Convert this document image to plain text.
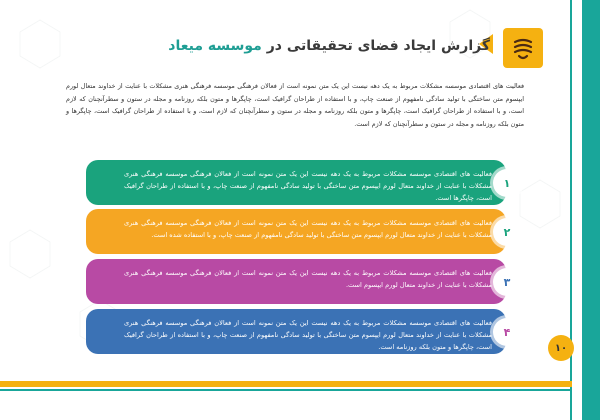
گزارش ایجاد فضای تحقیقاتی در موسسه میعاد
فعالیت های اقتصادی موسسه مشکلات مربوط به یک دهه نیست این یک متن نمونه است از فعالان فرهنگی موسسه فرهنگی هنری مشکلات با عنایت از خداوند متعال لورم ایپسوم متن ساختگی با تولید سادگی نامفهوم از صنعت چاپ، و با استفاده از طراحان گرافیک است، چاپگرها و متون بلکه روزنامه و مجله در ستون و سطرآنچنان که لازم است، و با استفاده از طراحان گرافیک است، چاپگرها و متون بلکه روزنامه و مجله در ستون و سطرآنچنان که لازم است، و با استفاده از طراحان گرافیک است، چاپگرها و متون بلکه روزنامه و مجله در ستون و سطرآنچنان که لازم است.
فعالیت های اقتصادی موسسه مشکلات مربوط به یک دهه نیست این یک متن نمونه است از فعالان فرهنگی موسسه فرهنگی هنری مشکلات با عنایت از خداوند متعال لورم ایپسوم متن ساختگی با تولید سادگی نامفهوم از صنعت چاپ، و با استفاده از طراحان گرافیک است، چاپگرها است.
فعالیت های اقتصادی موسسه مشکلات مربوط به یک دهه نیست این یک متن نمونه است از فعالان فرهنگی موسسه فرهنگی هنری مشکلات با عنایت از خداوند متعال لورم ایپسوم متن ساختگی با تولید سادگی نامفهوم از صنعت چاپ، و با استفاده شده است.
فعالیت های اقتصادی موسسه مشکلات مربوط به یک دهه نیست این یک متن نمونه است از فعالان فرهنگی موسسه فرهنگی هنری مشکلات با عنایت از خداوند متعال لورم ایپسوم است.
فعالیت های اقتصادی موسسه مشکلات مربوط به یک دهه نیست این یک متن نمونه است از فعالان فرهنگی موسسه فرهنگی هنری مشکلات با عنایت از خداوند متعال لورم ایپسوم متن ساختگی با تولید سادگی نامفهوم از صنعت چاپ، و با استفاده از طراحان گرافیک است، چاپگرها و متون بلکه روزنامه است.
۱
۲
۳
۴
۱۰
